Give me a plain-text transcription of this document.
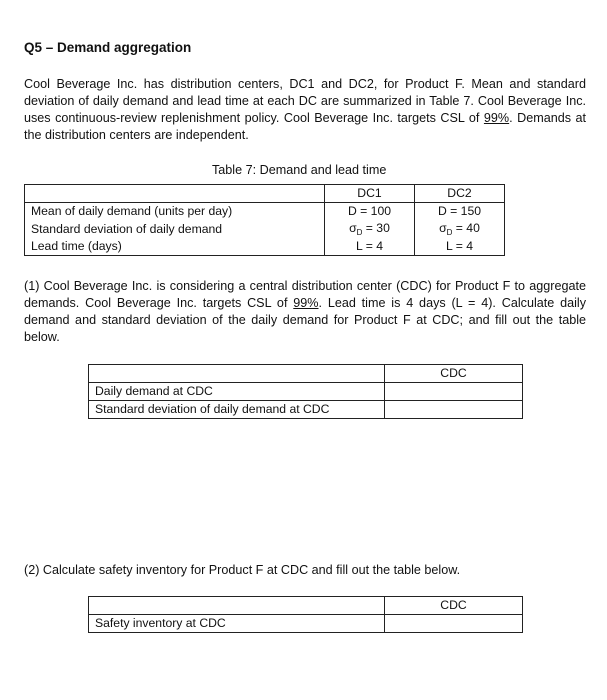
Q5 – Demand aggregation
Cool Beverage Inc. has distribution centers, DC1 and DC2, for Product F. Mean and standard deviation of daily demand and lead time at each DC are summarized in Table 7. Cool Beverage Inc. uses continuous-review replenishment policy. Cool Beverage Inc. targets CSL of 99%. Demands at the distribution centers are independent.
Table 7: Demand and lead time
	DC1	DC2
Mean of daily demand (units per day)	D = 100	D = 150
Standard deviation of daily demand	$\sigma_D = 30$	$\sigma_D = 40$
Lead time (days)	L = 4	L = 4
(1) Cool Beverage Inc. is considering a central distribution center (CDC) for Product F to aggregate demands. Cool Beverage Inc. targets CSL of 99%. Lead time is 4 days (L = 4). Calculate daily demand and standard deviation of the daily demand for Product F at CDC; and fill out the table below.
	CDC
Daily demand at CDC	
Standard deviation of daily demand at CDC	
(2) Calculate safety inventory for Product F at CDC and fill out the table below.
	CDC
Safety inventory at CDC	
